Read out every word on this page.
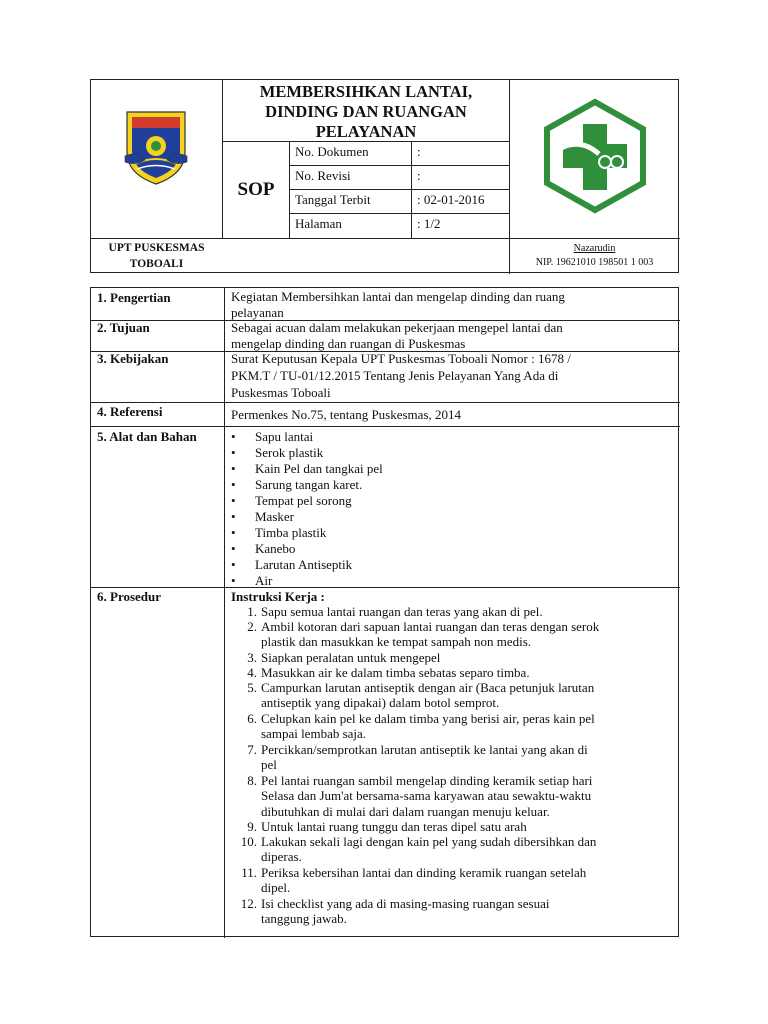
MEMBERSIHKAN LANTAI,
DINDING DAN RUANGAN
PELAYANAN
SOP
No. Dokumen	:
No. Revisi	:
Tanggal Terbit	: 02-01-2016
Halaman	: 1/2
UPT PUSKESMAS
TOBOALI
Nazarudin
NIP. 19621010 198501 1 003
1. Pengertian	Kegiatan Membersihkan lantai dan mengelap dinding dan ruang
pelayanan
2. Tujuan	Sebagai acuan dalam melakukan pekerjaan mengepel lantai dan
mengelap dinding dan ruangan di Puskesmas
3. Kebijakan	Surat Keputusan Kepala UPT Puskesmas Toboali Nomor : 1678 /
PKM.T / TU-01/12.2015 Tentang Jenis Pelayanan Yang Ada di
Puskesmas Toboali
4. Referensi	Permenkes No.75, tentang Puskesmas, 2014
5. Alat dan Bahan	• Sapu lantai
• Serok plastik
• Kain Pel dan tangkai pel
• Sarung tangan karet.
• Tempat pel sorong
• Masker
• Timba plastik
• Kanebo
• Larutan Antiseptik
• Air
6. Prosedur	Instruksi Kerja :
1. Sapu semua lantai ruangan dan teras yang akan di pel.
2. Ambil kotoran dari sapuan lantai ruangan dan teras dengan serok
plastik dan masukkan ke tempat sampah non medis.
3. Siapkan peralatan untuk mengepel
4. Masukkan air ke dalam timba sebatas separo timba.
5. Campurkan larutan antiseptik dengan air (Baca petunjuk larutan
antiseptik yang dipakai) dalam botol semprot.
6. Celupkan kain pel ke dalam timba yang berisi air, peras kain pel
sampai lembab saja.
7. Percikkan/semprotkan larutan antiseptik ke lantai yang akan di
pel
8. Pel lantai ruangan sambil mengelap dinding keramik setiap hari
Selasa dan Jum'at bersama-sama karyawan atau sewaktu-waktu
dibutuhkan di mulai dari dalam ruangan menuju keluar.
9. Untuk lantai ruang tunggu dan teras dipel satu arah
10. Lakukan sekali lagi dengan kain pel yang sudah dibersihkan dan
diperas.
11. Periksa kebersihan lantai dan dinding keramik ruangan setelah
dipel.
12. Isi checklist yang ada di masing-masing ruangan sesuai
tanggung jawab.
